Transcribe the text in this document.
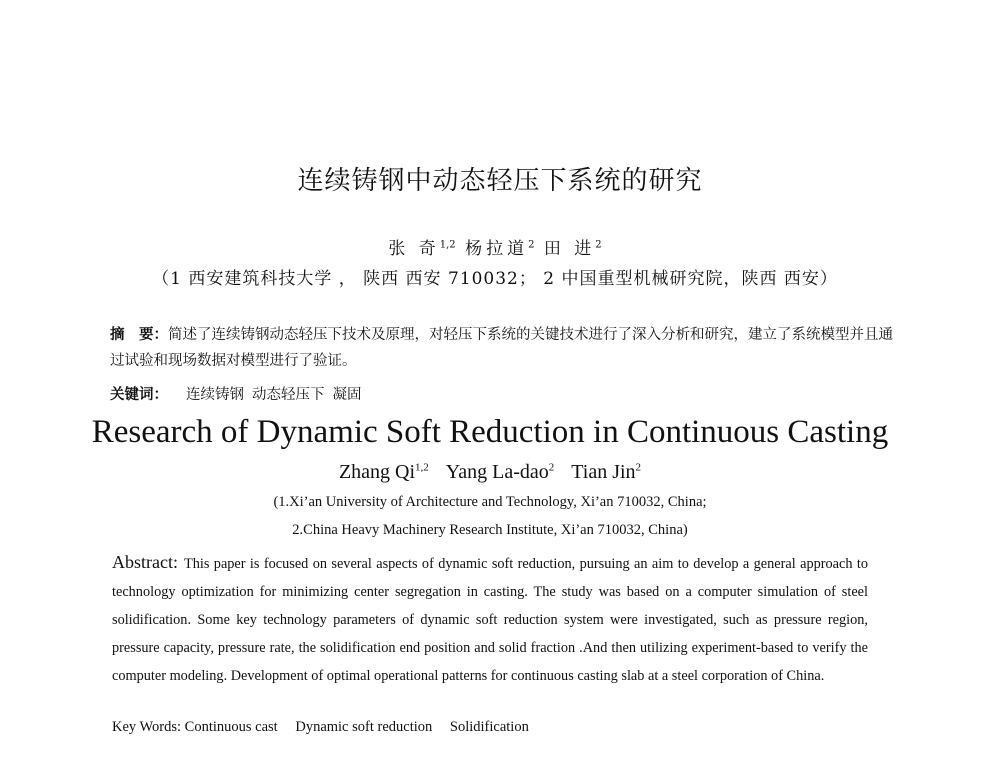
连续铸钢中动态轻压下系统的研究
张 奇$^{1,2}$ 杨拉道$^2$ 田 进$^2$
（1 西安建筑科技大学 ， 陕西 西安 710032； 2 中国重型机械研究院，陕西 西安）
摘　要：简述了连续铸钢动态轻压下技术及原理，对轻压下系统的关键技术进行了深入分析和研究，建立了系统模型并且通过试验和现场数据对模型进行了验证。
关键词： 连续铸钢 动态轻压下 凝固
Research of Dynamic Soft Reduction in Continuous Casting
Zhang Qi$^{1,2}$ Yang La-dao$^2$ Tian Jin$^2$
(1.Xi’an University of Architecture and Technology, Xi’an 710032, China;
2.China Heavy Machinery Research Institute, Xi’an 710032, China)
Abstract: This paper is focused on several aspects of dynamic soft reduction, pursuing an aim to develop a general approach to technology optimization for minimizing center segregation in casting. The study was based on a computer simulation of steel solidification. Some key technology parameters of dynamic soft reduction system were investigated, such as pressure region, pressure capacity, pressure rate, the solidification end position and solid fraction .And then utilizing experiment-based to verify the computer modeling. Development of optimal operational patterns for continuous casting slab at a steel corporation of China.
Key Words: Continuous cast Dynamic soft reduction Solidification
